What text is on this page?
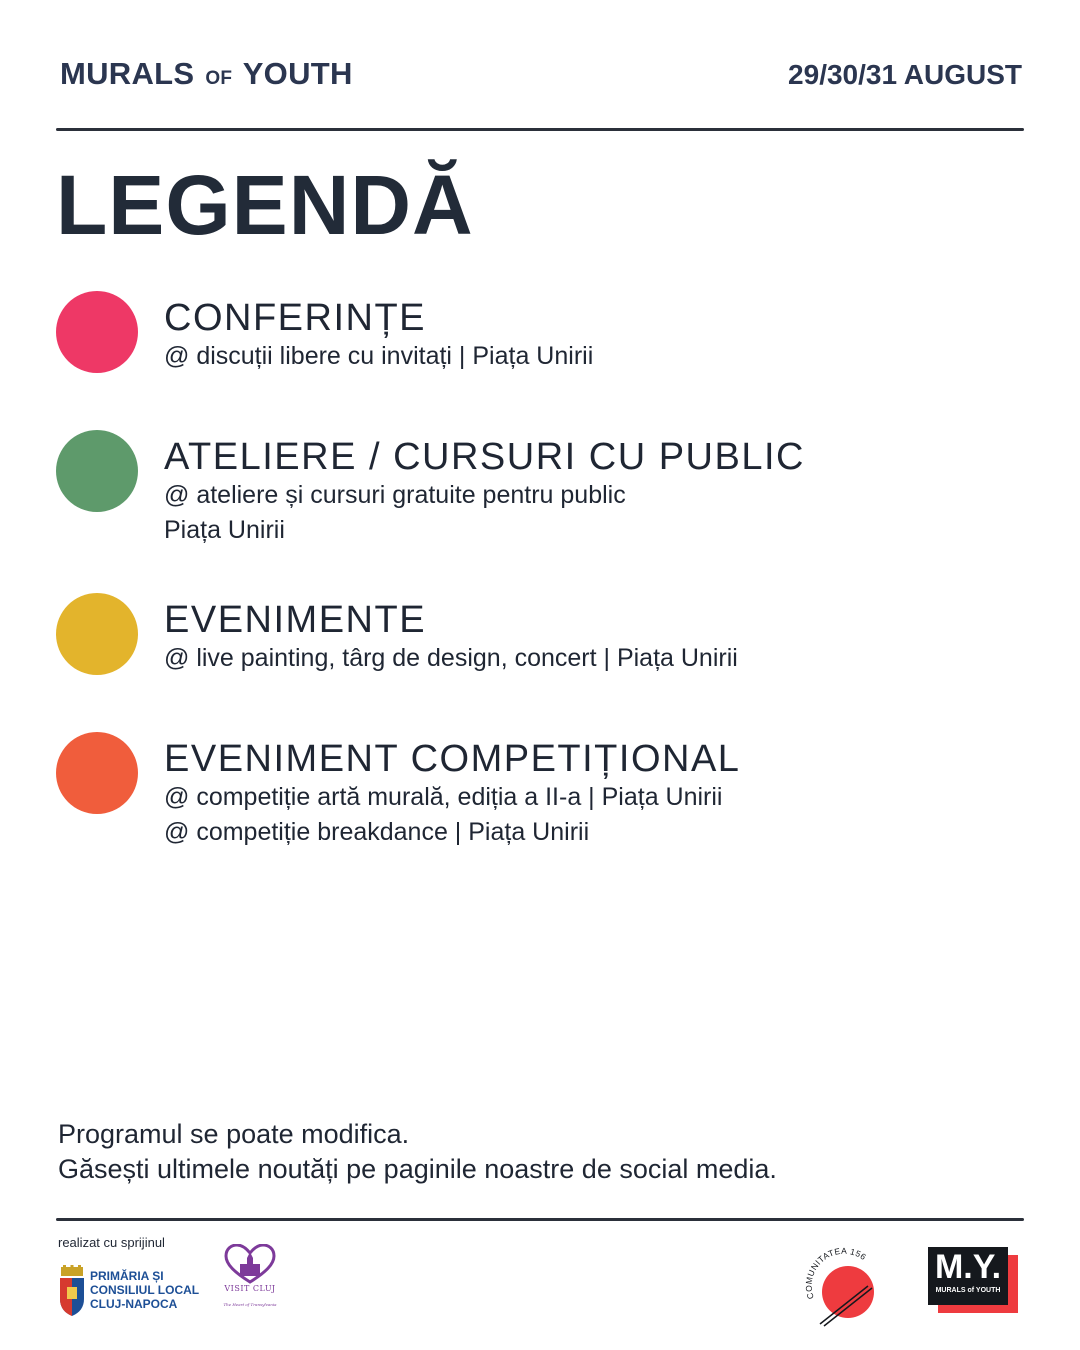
MURALS OF YOUTH	29/30/31 AUGUST
LEGENDĂ
CONFERINȚE
@ discuții libere cu invitați | Piața Unirii
ATELIERE / CURSURI CU PUBLIC
@ ateliere și cursuri gratuite pentru public
Piața Unirii
EVENIMENTE
@ live painting, târg de design, concert | Piața Unirii
EVENIMENT COMPETIȚIONAL
@ competiție artă murală, ediția a II-a | Piața Unirii
@ competiție breakdance | Piața Unirii
Programul se poate modifica.
Găsești ultimele noutăți pe paginile noastre de social media.
realizat cu sprijinul
PRIMĂRIA ȘI
CONSILIUL LOCAL
CLUJ-NAPOCA
VISIT CLUJ
The Heart of Transylvania
COMUNITATEA 156 M.Y.
MURALS of YOUTH
